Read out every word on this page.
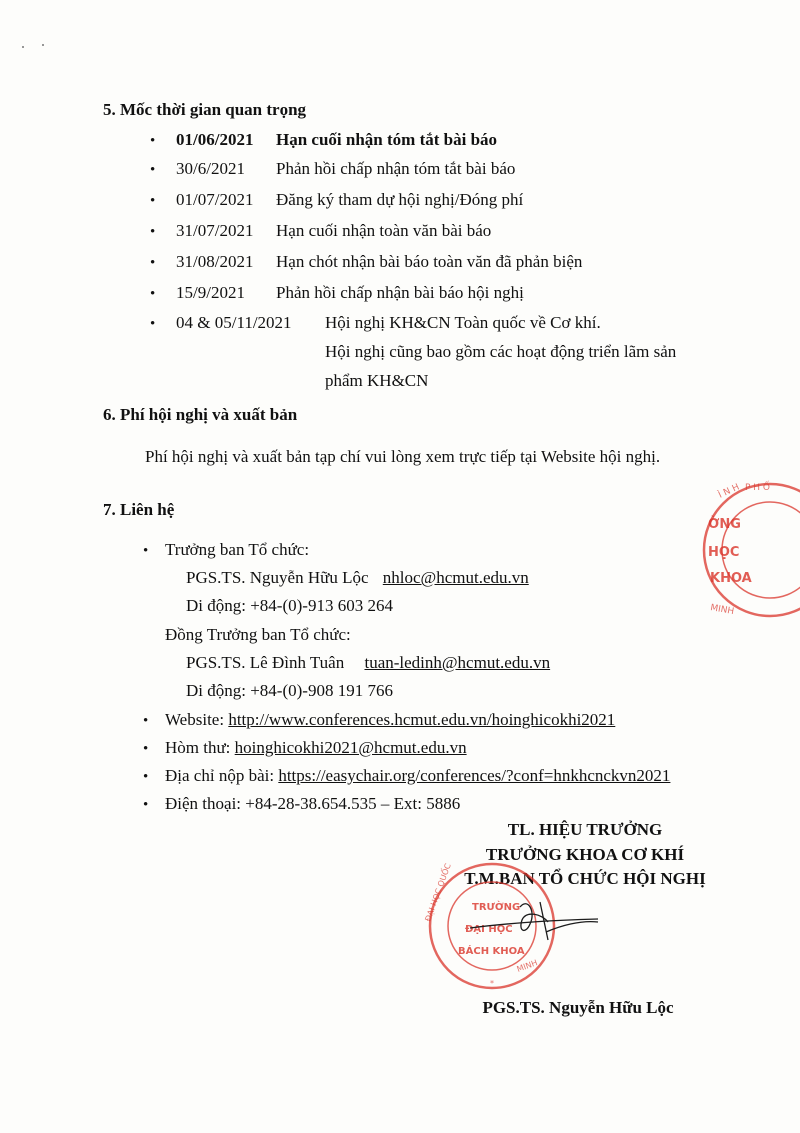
5. Mốc thời gian quan trọng
• 01/06/2021 Hạn cuối nhận tóm tắt bài báo
• 30/6/2021 Phản hồi chấp nhận tóm tắt bài báo
• 01/07/2021 Đăng ký tham dự hội nghị/Đóng phí
• 31/07/2021 Hạn cuối nhận toàn văn bài báo
• 31/08/2021 Hạn chót nhận bài báo toàn văn đã phản biện
• 15/9/2021 Phản hồi chấp nhận bài báo hội nghị
• 04 & 05/11/2021 Hội nghị KH&CN Toàn quốc về Cơ khí.
Hội nghị cũng bao gồm các hoạt động triển lãm sản
phẩm KH&CN
6. Phí hội nghị và xuất bản
Phí hội nghị và xuất bản tạp chí vui lòng xem trực tiếp tại Website hội nghị.
7. Liên hệ
• Trưởng ban Tổ chức:
PGS.TS. Nguyễn Hữu Lộc nhloc@hcmut.edu.vn
Di động: +84-(0)-913 603 264
Đồng Trưởng ban Tổ chức:
PGS.TS. Lê Đình Tuân tuan-ledinh@hcmut.edu.vn
Di động: +84-(0)-908 191 766
• Website: http://www.conferences.hcmut.edu.vn/hoinghicokhi2021
• Hòm thư: hoinghicokhi2021@hcmut.edu.vn
• Địa chỉ nộp bài: https://easychair.org/conferences/?conf=hnkhcnckvn2021
• Điện thoại: +84-28-38.654.535 – Ext: 5886
TL. HIỆU TRƯỞNG
TRƯỞNG KHOA CƠ KHÍ
T.M.BAN TỔ CHỨC HỘI NGHỊ
PGS.TS. Nguyễn Hữu Lộc
ỜNG
HỌC
KHOA
Ì N H P H Ố
MINH
TRƯỜNG
ĐẠI HỌC
BÁCH KHOA
ĐẠI HỌC QUỐC
MINH
*
